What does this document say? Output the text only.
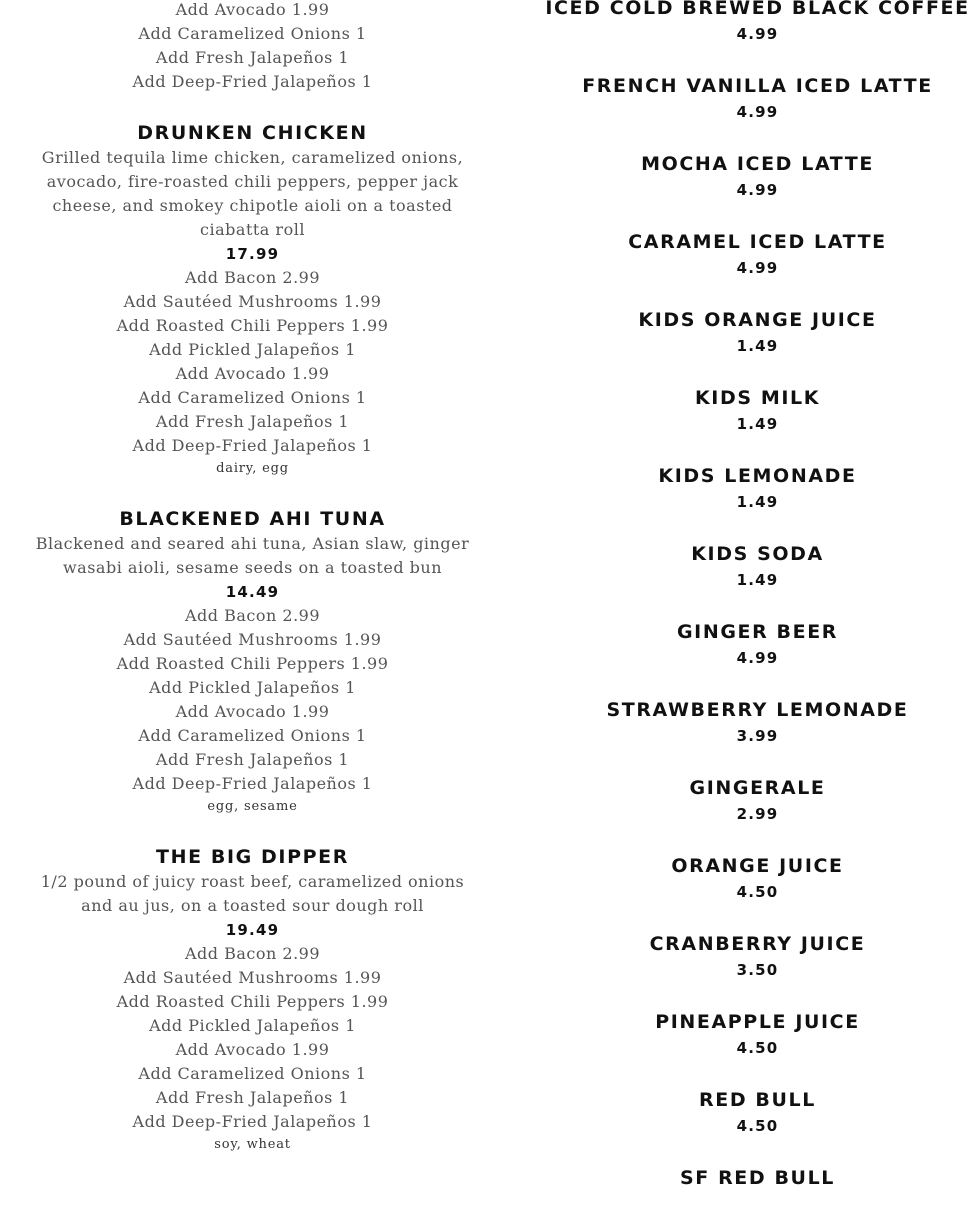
Add Avocado 1.99
Add Caramelized Onions 1
Add Fresh Jalapeños 1
Add Deep-Fried Jalapeños 1
DRUNKEN CHICKEN
Grilled tequila lime chicken, caramelized onions, avocado, fire-roasted chili peppers, pepper jack cheese, and smokey chipotle aioli on a toasted ciabatta roll
17.99
Add Bacon 2.99
Add Sautéed Mushrooms 1.99
Add Roasted Chili Peppers 1.99
Add Pickled Jalapeños 1
Add Avocado 1.99
Add Caramelized Onions 1
Add Fresh Jalapeños 1
Add Deep-Fried Jalapeños 1
dairy, egg
BLACKENED AHI TUNA
Blackened and seared ahi tuna, Asian slaw, ginger wasabi aioli, sesame seeds on a toasted bun
14.49
Add Bacon 2.99
Add Sautéed Mushrooms 1.99
Add Roasted Chili Peppers 1.99
Add Pickled Jalapeños 1
Add Avocado 1.99
Add Caramelized Onions 1
Add Fresh Jalapeños 1
Add Deep-Fried Jalapeños 1
egg, sesame
THE BIG DIPPER
1/2 pound of juicy roast beef, caramelized onions and au jus, on a toasted sour dough roll
19.49
Add Bacon 2.99
Add Sautéed Mushrooms 1.99
Add Roasted Chili Peppers 1.99
Add Pickled Jalapeños 1
Add Avocado 1.99
Add Caramelized Onions 1
Add Fresh Jalapeños 1
Add Deep-Fried Jalapeños 1
soy, wheat
ICED COLD BREWED BLACK COFFEE
4.99
FRENCH VANILLA ICED LATTE
4.99
MOCHA ICED LATTE
4.99
CARAMEL ICED LATTE
4.99
KIDS ORANGE JUICE
1.49
KIDS MILK
1.49
KIDS LEMONADE
1.49
KIDS SODA
1.49
GINGER BEER
4.99
STRAWBERRY LEMONADE
3.99
GINGERALE
2.99
ORANGE JUICE
4.50
CRANBERRY JUICE
3.50
PINEAPPLE JUICE
4.50
RED BULL
4.50
SF RED BULL
